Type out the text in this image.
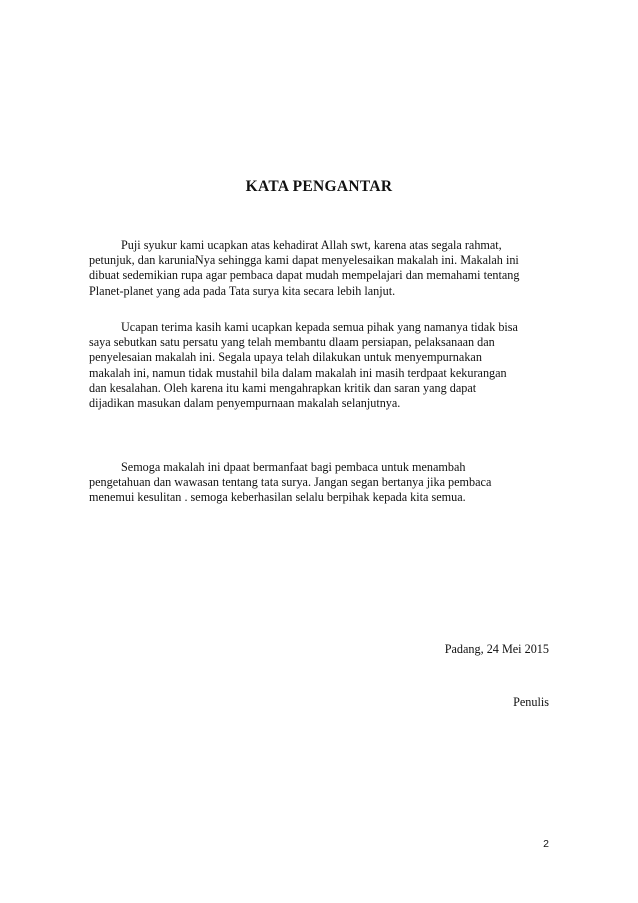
KATA PENGANTAR
Puji syukur kami ucapkan atas kehadirat Allah swt, karena atas segala rahmat,
petunjuk, dan karuniaNya sehingga kami dapat menyelesaikan makalah ini. Makalah ini
dibuat sedemikian rupa agar pembaca dapat mudah mempelajari dan memahami tentang
Planet-planet yang ada pada Tata surya kita secara lebih lanjut.
Ucapan terima kasih kami ucapkan kepada semua pihak yang namanya tidak bisa
saya sebutkan satu persatu yang telah membantu dlaam persiapan, pelaksanaan dan
penyelesaian makalah ini. Segala upaya telah dilakukan untuk menyempurnakan
makalah ini, namun tidak mustahil bila dalam makalah ini masih terdpaat kekurangan
dan kesalahan. Oleh karena itu kami mengahrapkan kritik dan saran yang dapat
dijadikan masukan dalam penyempurnaan makalah selanjutnya.
Semoga makalah ini dpaat bermanfaat bagi pembaca untuk menambah
pengetahuan dan wawasan tentang tata surya. Jangan segan bertanya jika pembaca
menemui kesulitan . semoga keberhasilan selalu berpihak kepada kita semua.
Padang, 24 Mei 2015
Penulis
2
